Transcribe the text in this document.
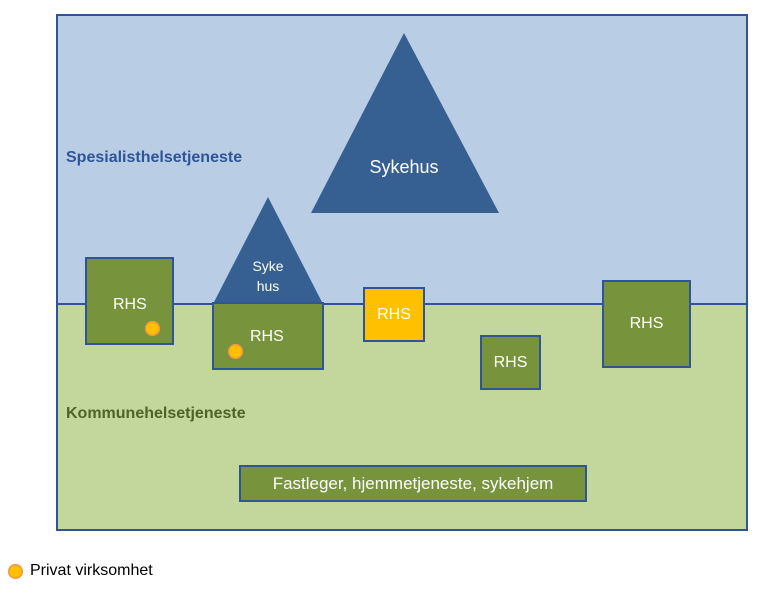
Spesialisthelsetjeneste
Kommunehelsetjeneste
Sykehus
Syke
hus
RHS
RHS
RHS
RHS
RHS
Fastleger, hjemmetjeneste, sykehjem
Privat virksomhet
